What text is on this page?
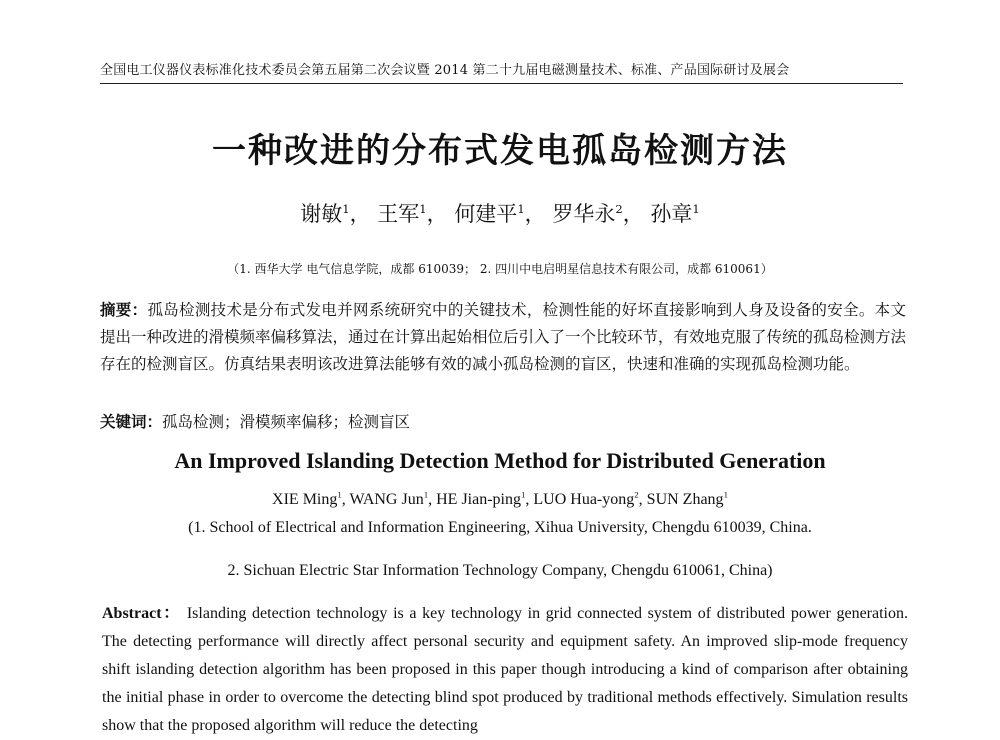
全国电工仪器仪表标准化技术委员会第五届第二次会议暨 2014 第二十九届电磁测量技术、标准、产品国际研讨及展会
一种改进的分布式发电孤岛检测方法
谢敏$^1$， 王军$^1$， 何建平$^1$， 罗华永$^2$， 孙章$^1$
（1. 西华大学 电气信息学院，成都 610039； 2. 四川中电启明星信息技术有限公司，成都 610061）
摘要：孤岛检测技术是分布式发电并网系统研究中的关键技术，检测性能的好坏直接影响到人身及设备的安全。本文提出一种改进的滑模频率偏移算法，通过在计算出起始相位后引入了一个比较环节，有效地克服了传统的孤岛检测方法存在的检测盲区。仿真结果表明该改进算法能够有效的减小孤岛检测的盲区，快速和准确的实现孤岛检测功能。
关键词：孤岛检测；滑模频率偏移；检测盲区
An Improved Islanding Detection Method for Distributed Generation
XIE Ming$^1$, WANG Jun$^1$, HE Jian-ping$^1$, LUO Hua-yong$^2$, SUN Zhang$^1$
(1. School of Electrical and Information Engineering, Xihua University, Chengdu 610039, China.
2. Sichuan Electric Star Information Technology Company, Chengdu 610061, China)
Abstract： Islanding detection technology is a key technology in grid connected system of distributed power generation. The detecting performance will directly affect personal security and equipment safety. An improved slip-mode frequency shift islanding detection algorithm has been proposed in this paper though introducing a kind of comparison after obtaining the initial phase in order to overcome the detecting blind spot produced by traditional methods effectively. Simulation results show that the proposed algorithm will reduce the detecting
